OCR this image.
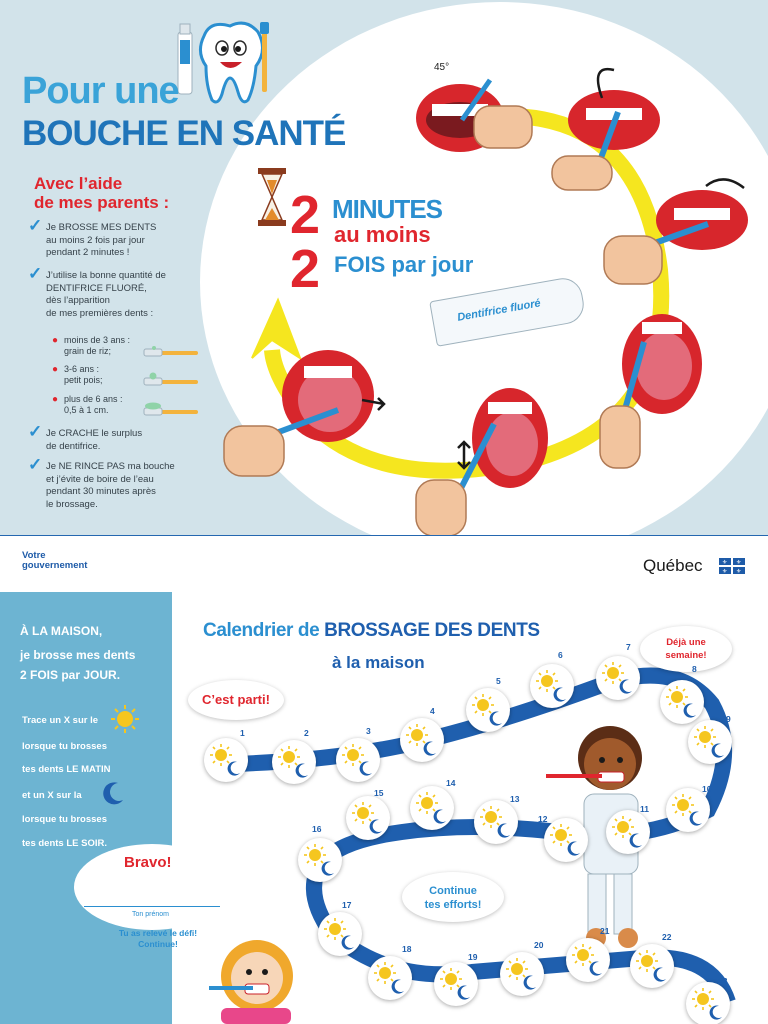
Pour une
BOUCHE EN SANTÉ
Avec l’aide
de mes parents :
✓ Je BROSSE MES DENTS
au moins 2 fois par jour
pendant 2 minutes !
✓ J’utilise la bonne quantité de
DENTIFRICE FLUORÉ,
dès l’apparition
de mes premières dents :
● moins de 3 ans :
grain de riz;
● 3-6 ans :
petit pois;
● plus de 6 ans :
0,5 à 1 cm.
✓ Je CRACHE le surplus
de dentifrice.
✓ Je NE RINCE PAS ma bouche
et j’évite de boire de l’eau
pendant 30 minutes après
le brossage.
45°
2 MINUTES
au moins
2 FOIS par jour
Dentifrice fluoré
Votre
gouvernement	Québec	⚜ ⚜
⚜ ⚜
À LA MAISON,
je brosse mes dents
2 FOIS par JOUR.
Trace un X sur le
lorsque tu brosses
tes dents LE MATIN
et un X sur la
lorsque tu brosses
tes dents LE SOIR.
Bravo!
Ton prénom
Tu as relevé le défi!
Continue!
Calendrier de BROSSAGE DES DENTS
à la maison
C’est parti!
Déjà une
semaine!
Continue
tes efforts!
1	2	3
4
5
6
7
8
9
10
11
12
13
14
15
16
17
18
19
20
21
22
23
